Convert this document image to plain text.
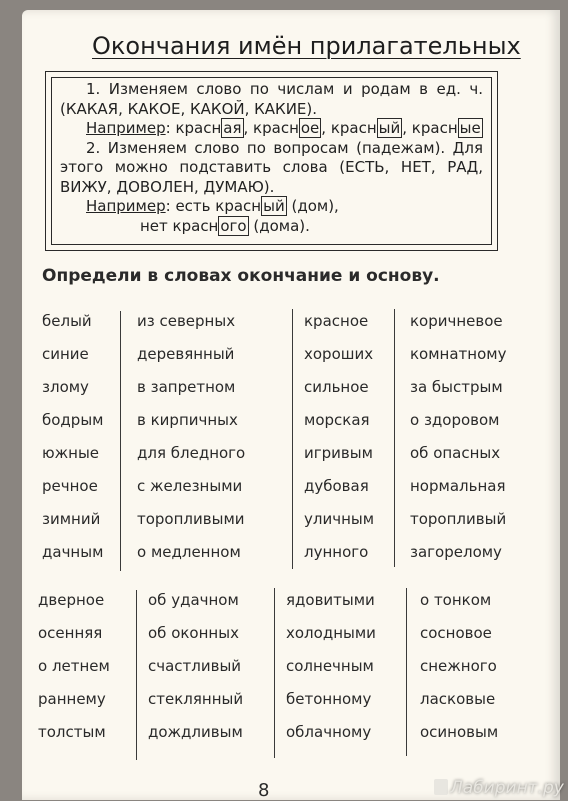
Окончания имён прилагательных

1. Изменяем слово по числам и родам в ед. ч. (КАКАЯ, КАКОЕ, КАКОЙ, КАКИЕ).

Например: красн ая , красн ое , красн ый , красн ые

2. Изменяем слово по вопросам (падежам). Для этого можно подставить слова (ЕСТЬ, НЕТ, РАД, ВИЖУ, ДОВОЛЕН, ДУМАЮ).

Например: есть красн ый (дом),

нет красн ого (дома).

Определи в словах окончание и основу.
белый
синие
злому
бодрым
южные
речное
зимний
дачным
из северных
деревянный
в запретном
в кирпичных
для бледного
с железными
торопливыми
о медленном
красное
хороших
сильное
морская
игривым
дубовая
уличным
лунного
коричневое
комнатному
за быстрым
о здоровом
об опасных
нормальная
торопливый
загорелому
дверное
осенняя
о летнем
раннему
толстым
об удачном
об оконных
счастливый
стеклянный
дождливым
ядовитыми
холодными
солнечным
бетонному
облачному
о тонком
сосновое
снежного
ласковые
осиновым
8	Лабиринт.ру
